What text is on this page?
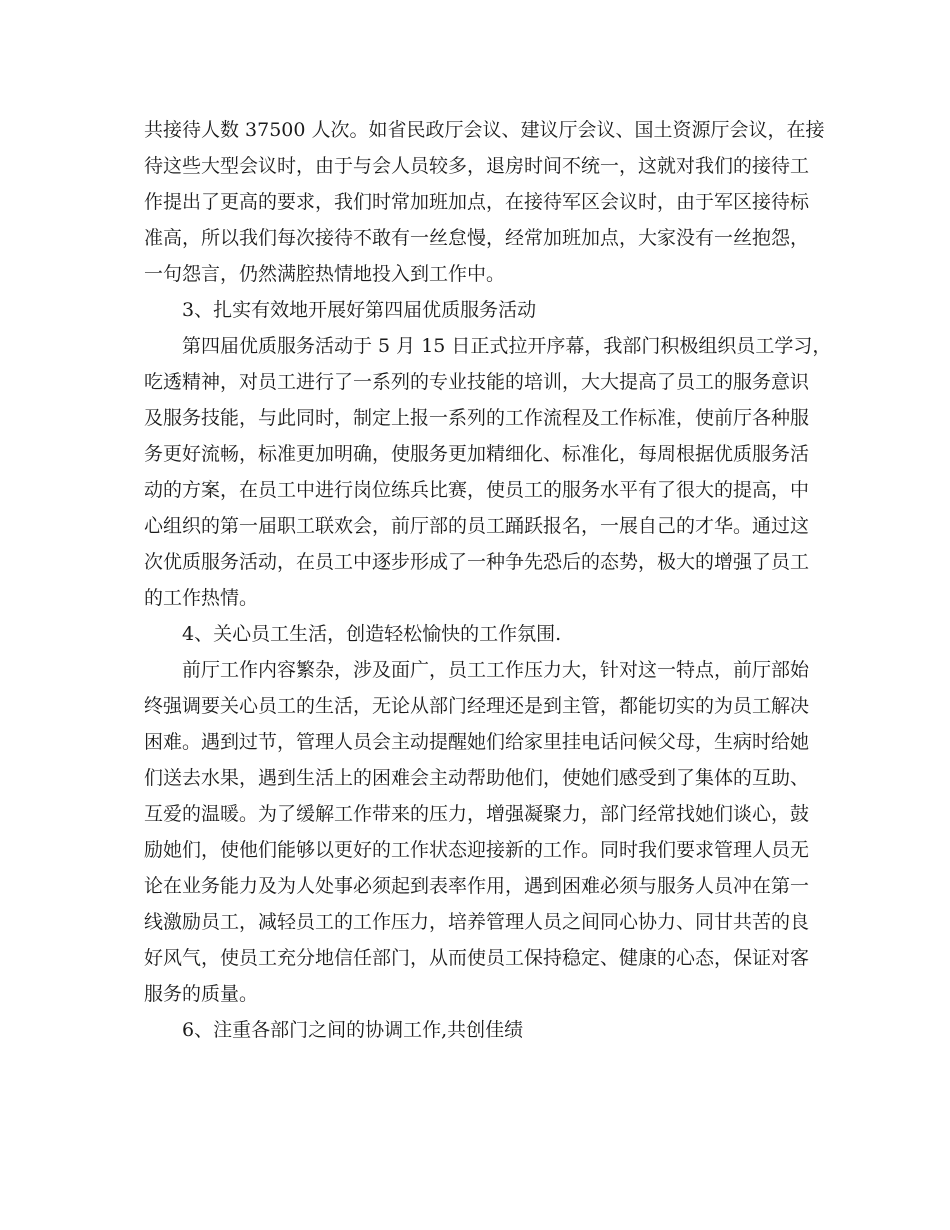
共接待人数 37500 人次。如省民政厅会议、建议厅会议、国土资源厅会议，在接
待这些大型会议时，由于与会人员较多，退房时间不统一，这就对我们的接待工
作提出了更高的要求，我们时常加班加点，在接待军区会议时，由于军区接待标
准高，所以我们每次接待不敢有一丝怠慢，经常加班加点，大家没有一丝抱怨，
一句怨言，仍然满腔热情地投入到工作中。
3、扎实有效地开展好第四届优质服务活动
第四届优质服务活动于 5 月 15 日正式拉开序幕，我部门积极组织员工学习，
吃透精神，对员工进行了一系列的专业技能的培训，大大提高了员工的服务意识
及服务技能，与此同时，制定上报一系列的工作流程及工作标准，使前厅各种服
务更好流畅，标准更加明确，使服务更加精细化、标准化，每周根据优质服务活
动的方案，在员工中进行岗位练兵比赛，使员工的服务水平有了很大的提高，中
心组织的第一届职工联欢会，前厅部的员工踊跃报名，一展自己的才华。通过这
次优质服务活动，在员工中逐步形成了一种争先恐后的态势，极大的增强了员工
的工作热情。
4、关心员工生活，创造轻松愉快的工作氛围.
前厅工作内容繁杂，涉及面广，员工工作压力大，针对这一特点，前厅部始
终强调要关心员工的生活，无论从部门经理还是到主管，都能切实的为员工解决
困难。遇到过节，管理人员会主动提醒她们给家里挂电话问候父母，生病时给她
们送去水果，遇到生活上的困难会主动帮助他们，使她们感受到了集体的互助、
互爱的温暖。为了缓解工作带来的压力，增强凝聚力，部门经常找她们谈心，鼓
励她们，使他们能够以更好的工作状态迎接新的工作。同时我们要求管理人员无
论在业务能力及为人处事必须起到表率作用，遇到困难必须与服务人员冲在第一
线激励员工，减轻员工的工作压力，培养管理人员之间同心协力、同甘共苦的良
好风气，使员工充分地信任部门，从而使员工保持稳定、健康的心态，保证对客
服务的质量。
6、注重各部门之间的协调工作,共创佳绩
